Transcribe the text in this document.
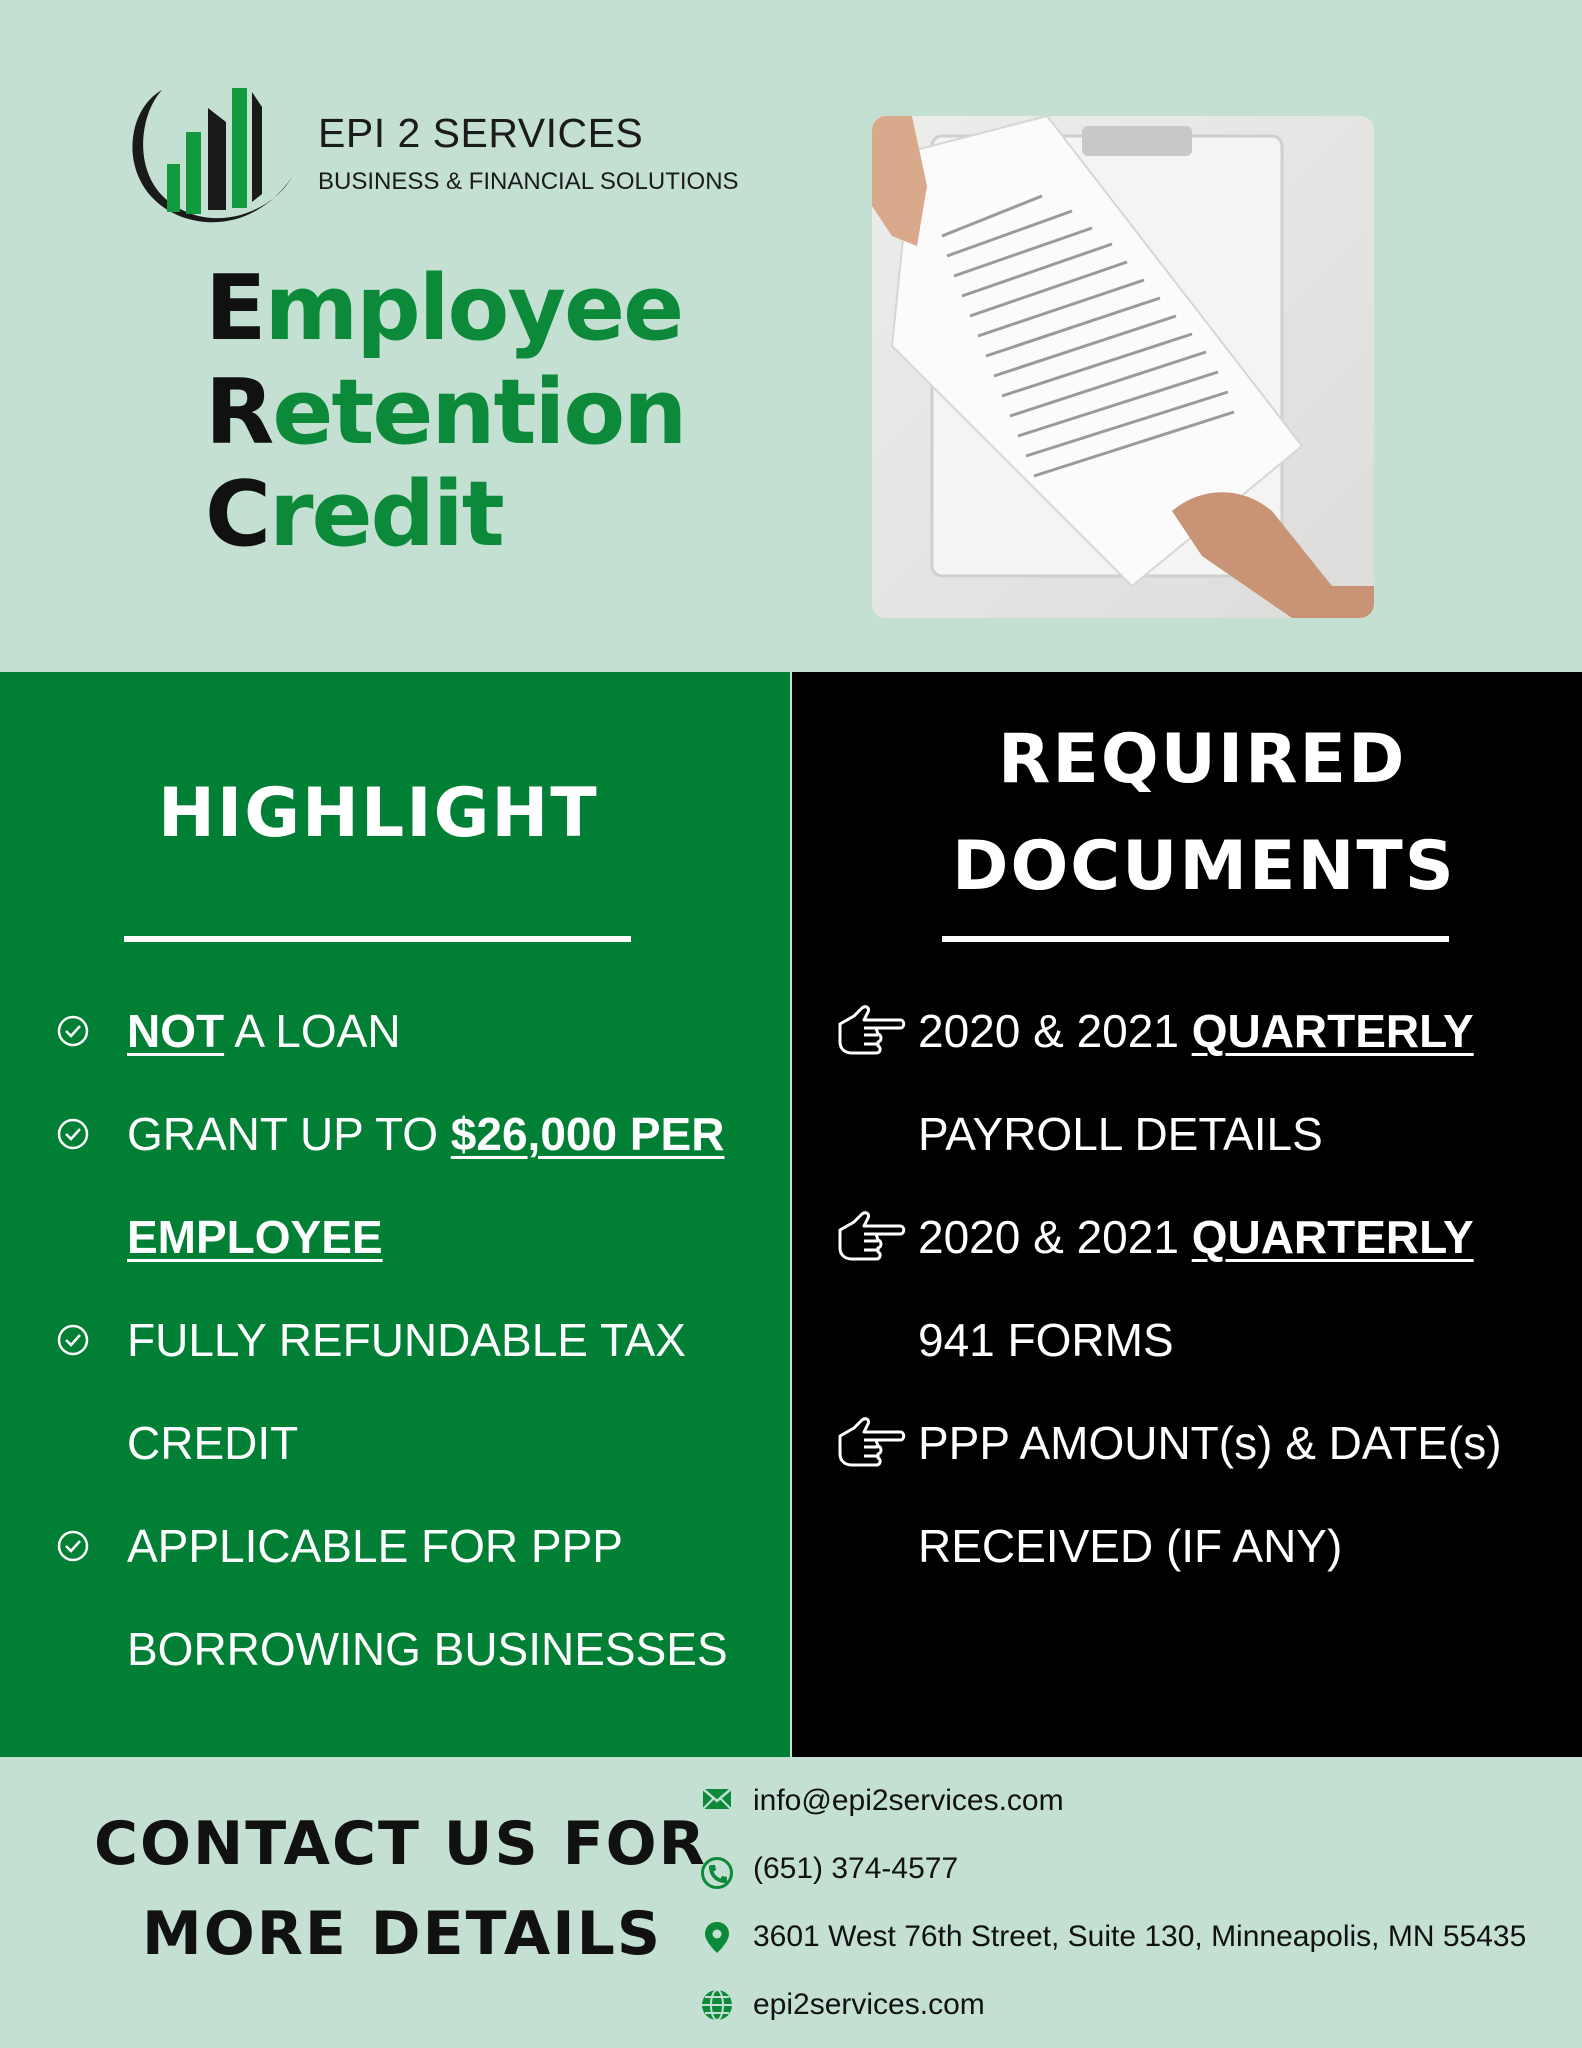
EPI 2 SERVICES
BUSINESS & FINANCIAL SOLUTIONS
Employee
Retention
Credit
HIGHLIGHT
NOT A LOAN
GRANT UP TO $26,000 PER
EMPLOYEE
FULLY REFUNDABLE TAX
CREDIT
APPLICABLE FOR PPP
BORROWING BUSINESSES
REQUIRED
DOCUMENTS
2020 & 2021 QUARTERLY
PAYROLL DETAILS
2020 & 2021 QUARTERLY
941 FORMS
PPP AMOUNT(s) & DATE(s)
RECEIVED (IF ANY)
CONTACT US FOR
MORE DETAILS
info@epi2services.com
(651) 374-4577
3601 West 76th Street, Suite 130, Minneapolis, MN 55435
epi2services.com
